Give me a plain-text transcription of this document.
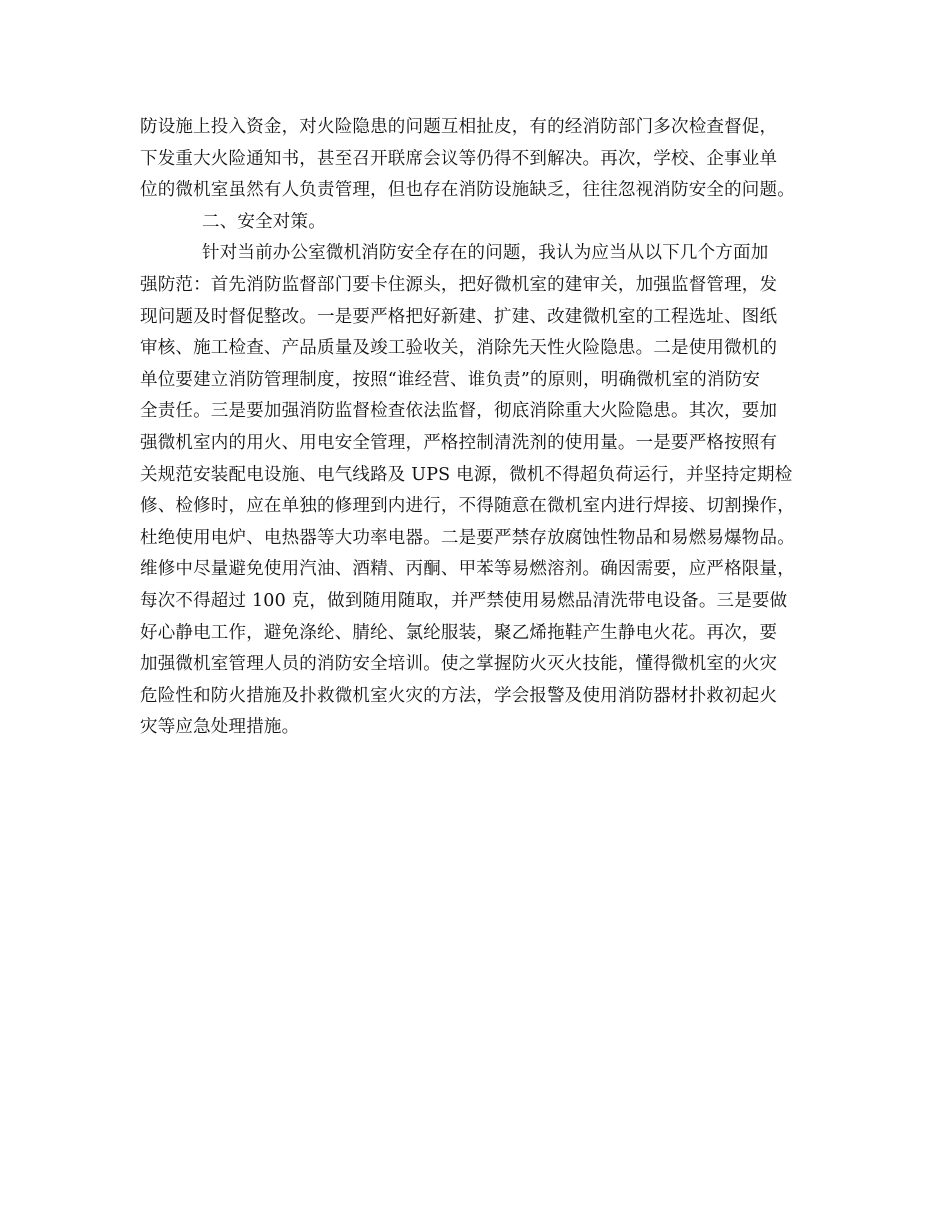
防设施上投入资金，对火险隐患的问题互相扯皮，有的经消防部门多次检查督促，

下发重大火险通知书，甚至召开联席会议等仍得不到解决。再次，学校、企事业单

位的微机室虽然有人负责管理，但也存在消防设施缺乏，往往忽视消防安全的问题。

二、安全对策。

针对当前办公室微机消防安全存在的问题，我认为应当从以下几个方面加

强防范：首先消防监督部门要卡住源头，把好微机室的建审关，加强监督管理，发

现问题及时督促整改。一是要严格把好新建、扩建、改建微机室的工程选址、图纸

审核、施工检查、产品质量及竣工验收关，消除先天性火险隐患。二是使用微机的

单位要建立消防管理制度，按照“谁经营、谁负责”的原则，明确微机室的消防安

全责任。三是要加强消防监督检查依法监督，彻底消除重大火险隐患。其次，要加

强微机室内的用火、用电安全管理，严格控制清洗剂的使用量。一是要严格按照有

关规范安装配电设施、电气线路及 UPS 电源，微机不得超负荷运行，并坚持定期检

修、检修时，应在单独的修理到内进行，不得随意在微机室内进行焊接、切割操作，

杜绝使用电炉、电热器等大功率电器。二是要严禁存放腐蚀性物品和易燃易爆物品。

维修中尽量避免使用汽油、酒精、丙酮、甲苯等易燃溶剂。确因需要，应严格限量，

每次不得超过 100 克，做到随用随取，并严禁使用易燃品清洗带电设备。三是要做

好心静电工作，避免涤纶、腈纶、氯纶服装，聚乙烯拖鞋产生静电火花。再次，要

加强微机室管理人员的消防安全培训。使之掌握防火灭火技能，懂得微机室的火灾

危险性和防火措施及扑救微机室火灾的方法，学会报警及使用消防器材扑救初起火

灾等应急处理措施。
